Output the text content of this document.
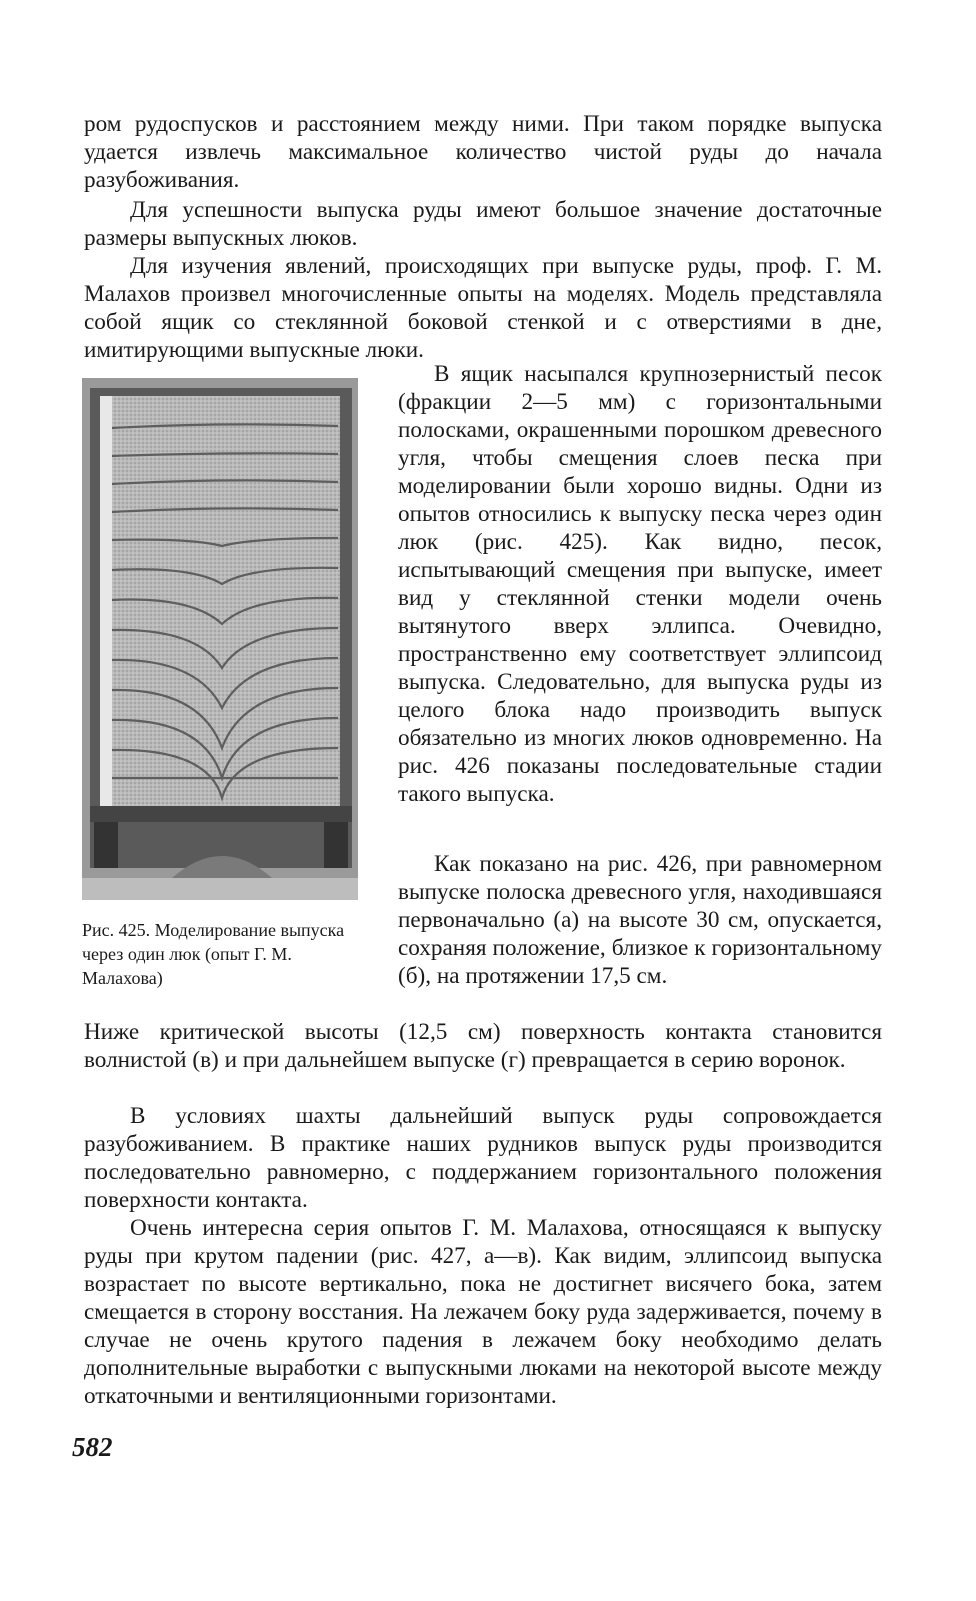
ром рудоспусков и расстоянием между ними. При таком порядке выпуска удается извлечь максимальное количество чистой руды до начала разубоживания.

Для успешности выпуска руды имеют большое значение достаточные размеры выпускных люков.

Для изучения явлений, происходящих при выпуске руды, проф. Г. М. Малахов произвел многочисленные опыты на моделях. Модель представляла собой ящик со стеклянной боковой стенкой и с отверстиями в дне, имитирующими выпускные люки.

В ящик насыпался крупнозернистый песок (фракции 2—5 мм) с горизонтальными полосками, окрашенными порошком древесного угля, чтобы смещения слоев песка при моделировании были хорошо видны. Одни из опытов относились к выпуску песка через один люк (рис. 425). Как видно, песок, испытывающий смещения при выпуске, имеет вид у стеклянной стенки модели очень вытянутого вверх эллипса. Очевидно, пространственно ему соответствует эллипсоид выпуска. Следовательно, для выпуска руды из целого блока надо производить выпуск обязательно из многих люков одновременно. На рис. 426 показаны последовательные стадии такого выпуска.

Как показано на рис. 426, при равномерном выпуске полоска древесного угля, находившаяся первоначально (а) на высоте 30 см, опускается, сохраняя положение, близкое к горизонтальному (б), на протяжении 17,5 см.

Рис. 425. Моделирование выпуска через один люк (опыт Г. М. Малахова)

Ниже критической высоты (12,5 см) поверхность контакта становится волнистой (в) и при дальнейшем выпуске (г) превращается в серию воронок.

В условиях шахты дальнейший выпуск руды сопровождается разубоживанием. В практике наших рудников выпуск руды производится последовательно равномерно, с поддержанием горизонтального положения поверхности контакта.

Очень интересна серия опытов Г. М. Малахова, относящаяся к выпуску руды при крутом падении (рис. 427, а—в). Как видим, эллипсоид выпуска возрастает по высоте вертикально, пока не достигнет висячего бока, затем смещается в сторону восстания. На лежачем боку руда задерживается, почему в случае не очень крутого падения в лежачем боку необходимо делать дополнительные выработки с выпускными люками на некоторой высоте между откаточными и вентиляционными горизонтами.

582
